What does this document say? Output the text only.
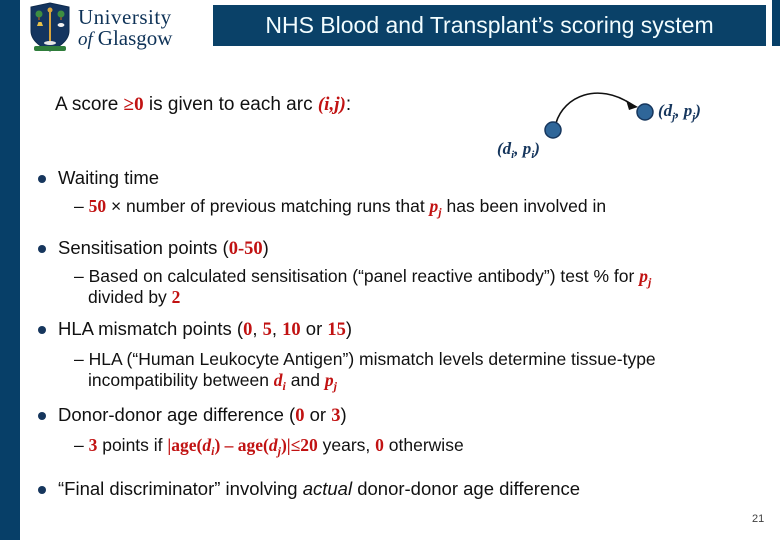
University
of Glasgow	NHS Blood and Transplant’s scoring system
A score ≥0 is given to each arc (i,j):	($d_j$, $p_j$)
($d_i$, $p_i$)
Waiting time
– 50 × number of previous matching runs that $p_j$ has been involved in
Sensitisation points (0-50)
– Based on calculated sensitisation (“panel reactive antibody”) test % for $p_j$
divided by 2
HLA mismatch points (0, 5, 10 or 15)
– HLA (“Human Leukocyte Antigen”) mismatch levels determine tissue-type
incompatibility between $d_i$ and $p_j$
Donor-donor age difference (0 or 3)
– 3 points if $|age(d_i) - age(d_j)|\le 20$ years, 0 otherwise
“Final discriminator” involving actual donor-donor age difference
21
